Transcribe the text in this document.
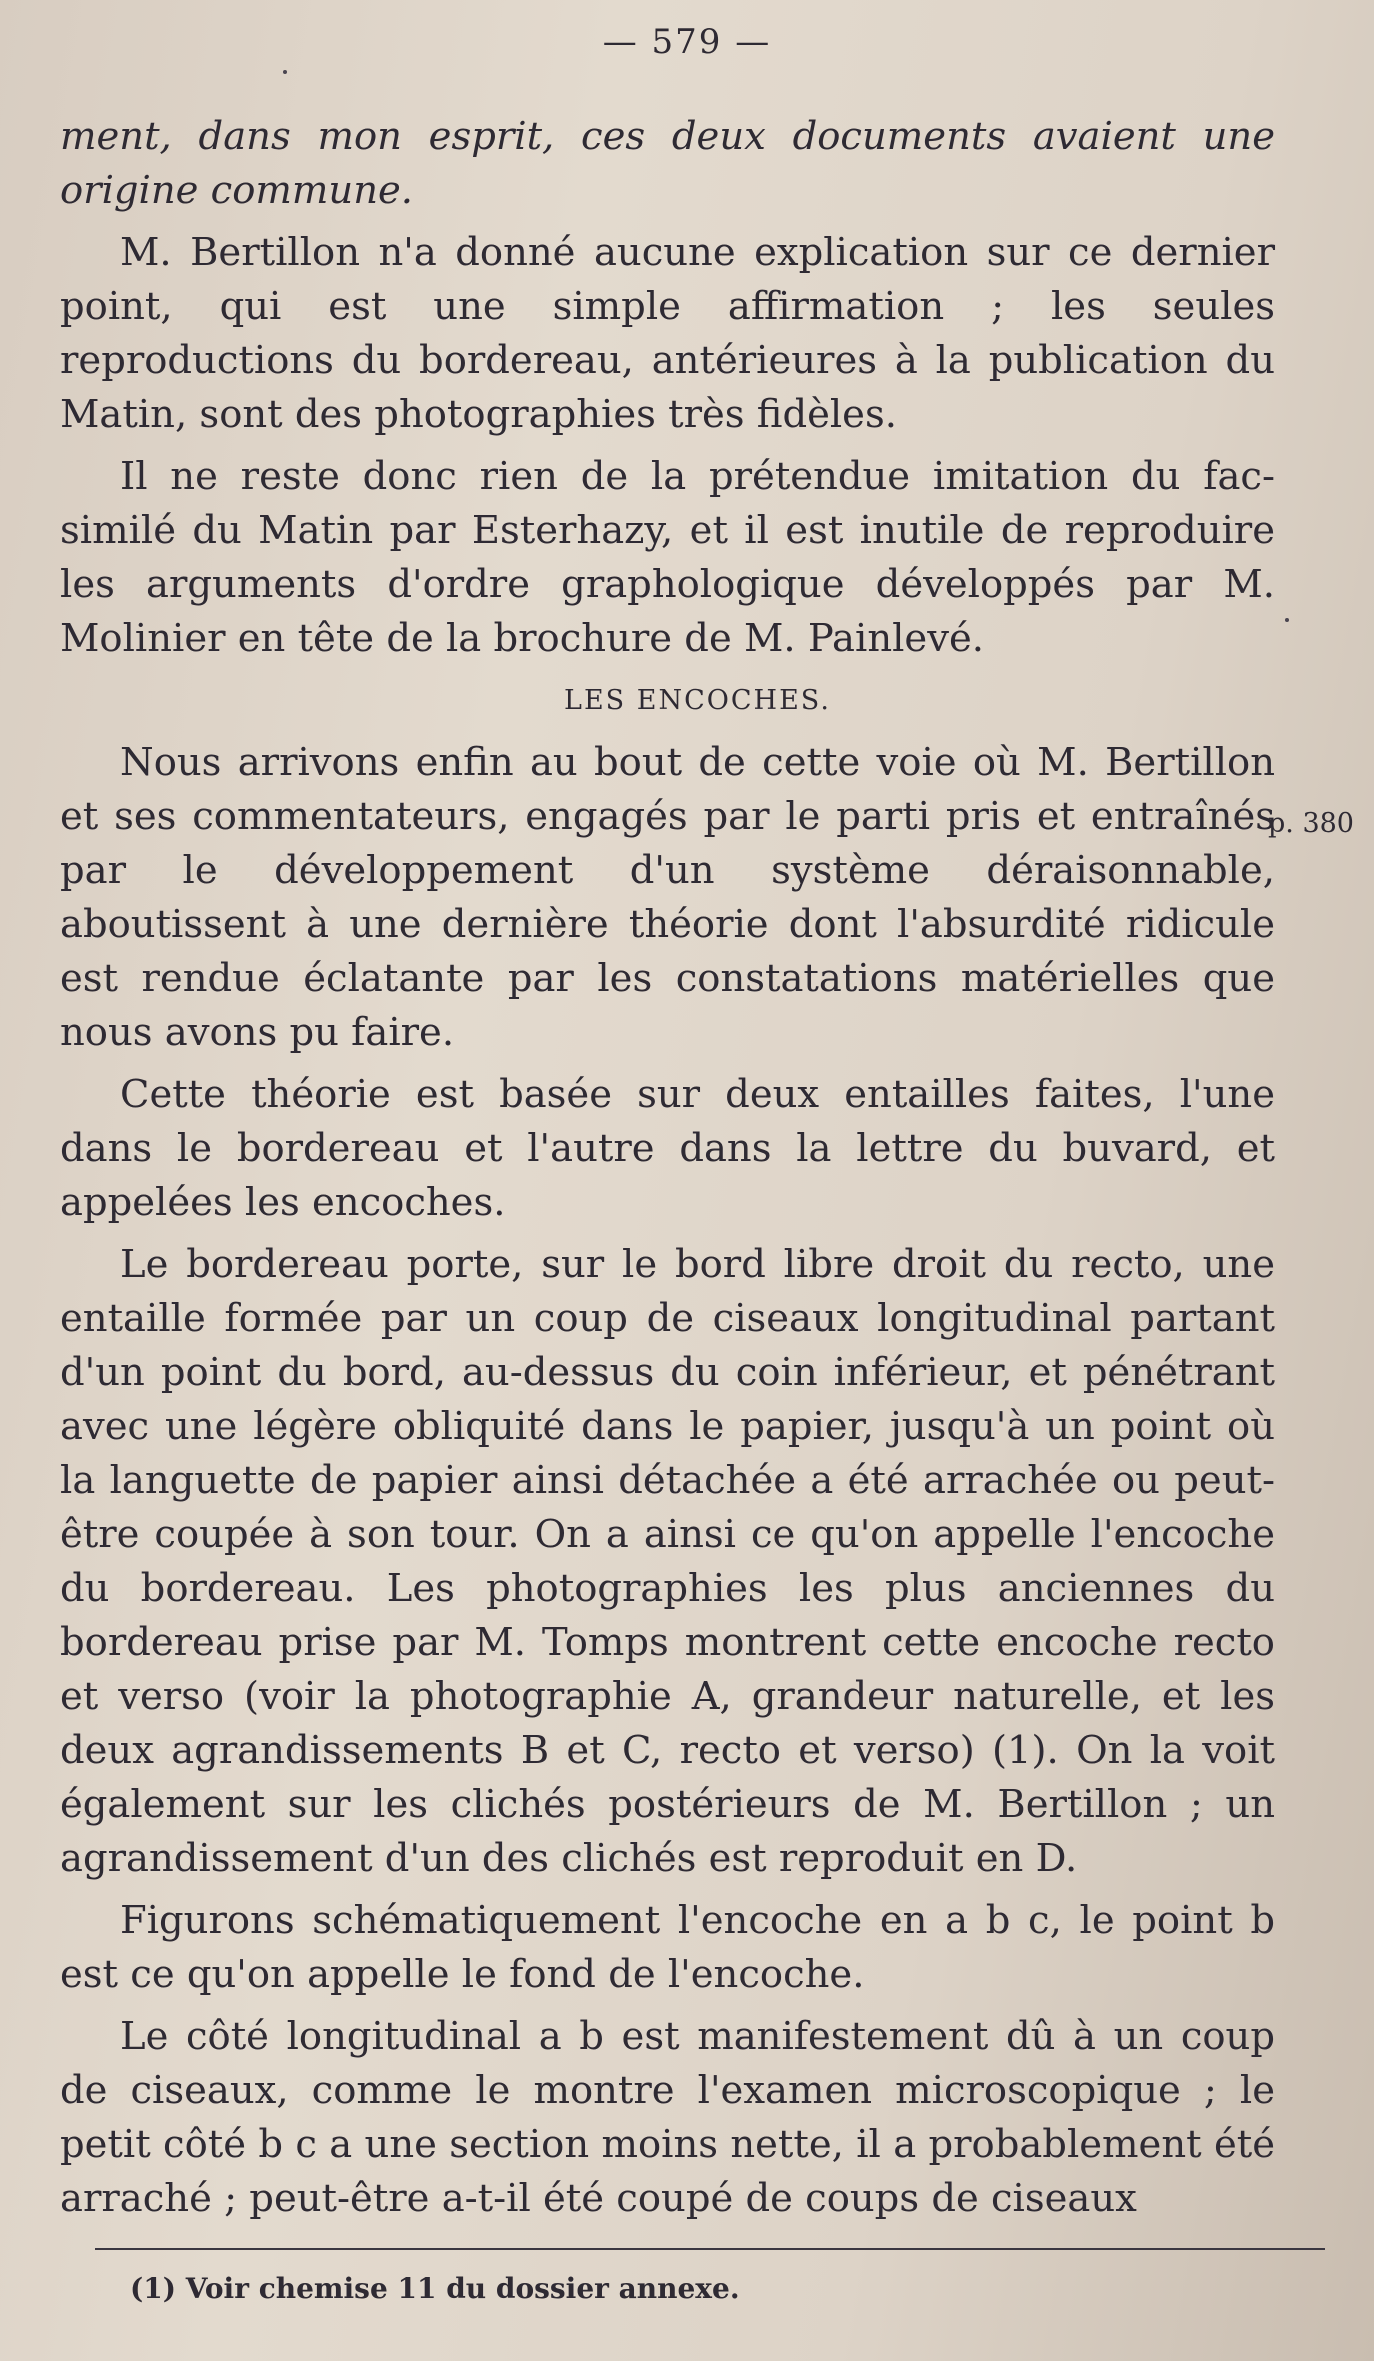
— 579 —

ment, dans mon esprit, ces deux documents avaient une origine commune.

M. Bertillon n'a donné aucune explication sur ce dernier point, qui est une simple affirmation ; les seules reproductions du bordereau, antérieures à la publication du Matin, sont des photographies très fidèles.

Il ne reste donc rien de la prétendue imitation du fac-similé du Matin par Esterhazy, et il est inutile de reproduire les arguments d'ordre graphologique développés par M. Molinier en tête de la brochure de M. Painlevé.

LES ENCOCHES.

Nous arrivons enfin au bout de cette voie où M. Bertillon et ses commentateurs, engagés par le parti pris et entraînés par le développement d'un système déraisonnable, aboutissent à une dernière théorie dont l'absurdité ridicule est rendue éclatante par les constatations matérielles que nous avons pu faire.

Cette théorie est basée sur deux entailles faites, l'une dans le bordereau et l'autre dans la lettre du buvard, et appelées les encoches.

Le bordereau porte, sur le bord libre droit du recto, une entaille formée par un coup de ciseaux longitudinal partant d'un point du bord, au-dessus du coin inférieur, et pénétrant avec une légère obliquité dans le papier, jusqu'à un point où la languette de papier ainsi détachée a été arrachée ou peut-être coupée à son tour. On a ainsi ce qu'on appelle l'encoche du bordereau. Les photographies les plus anciennes du bordereau prise par M. Tomps montrent cette encoche recto et verso (voir la photographie A, grandeur naturelle, et les deux agrandissements B et C, recto et verso) (1). On la voit également sur les clichés postérieurs de M. Bertillon ; un agrandissement d'un des clichés est reproduit en D.

Figurons schématiquement l'encoche en a b c, le point b est ce qu'on appelle le fond de l'encoche.

Le côté longitudinal a b est manifestement dû à un coup de ciseaux, comme le montre l'examen microscopique ; le petit côté b c a une section moins nette, il a probablement été arraché ; peut-être a-t-il été coupé de coups de ciseaux

p. 380
(1) Voir chemise 11 du dossier annexe.
